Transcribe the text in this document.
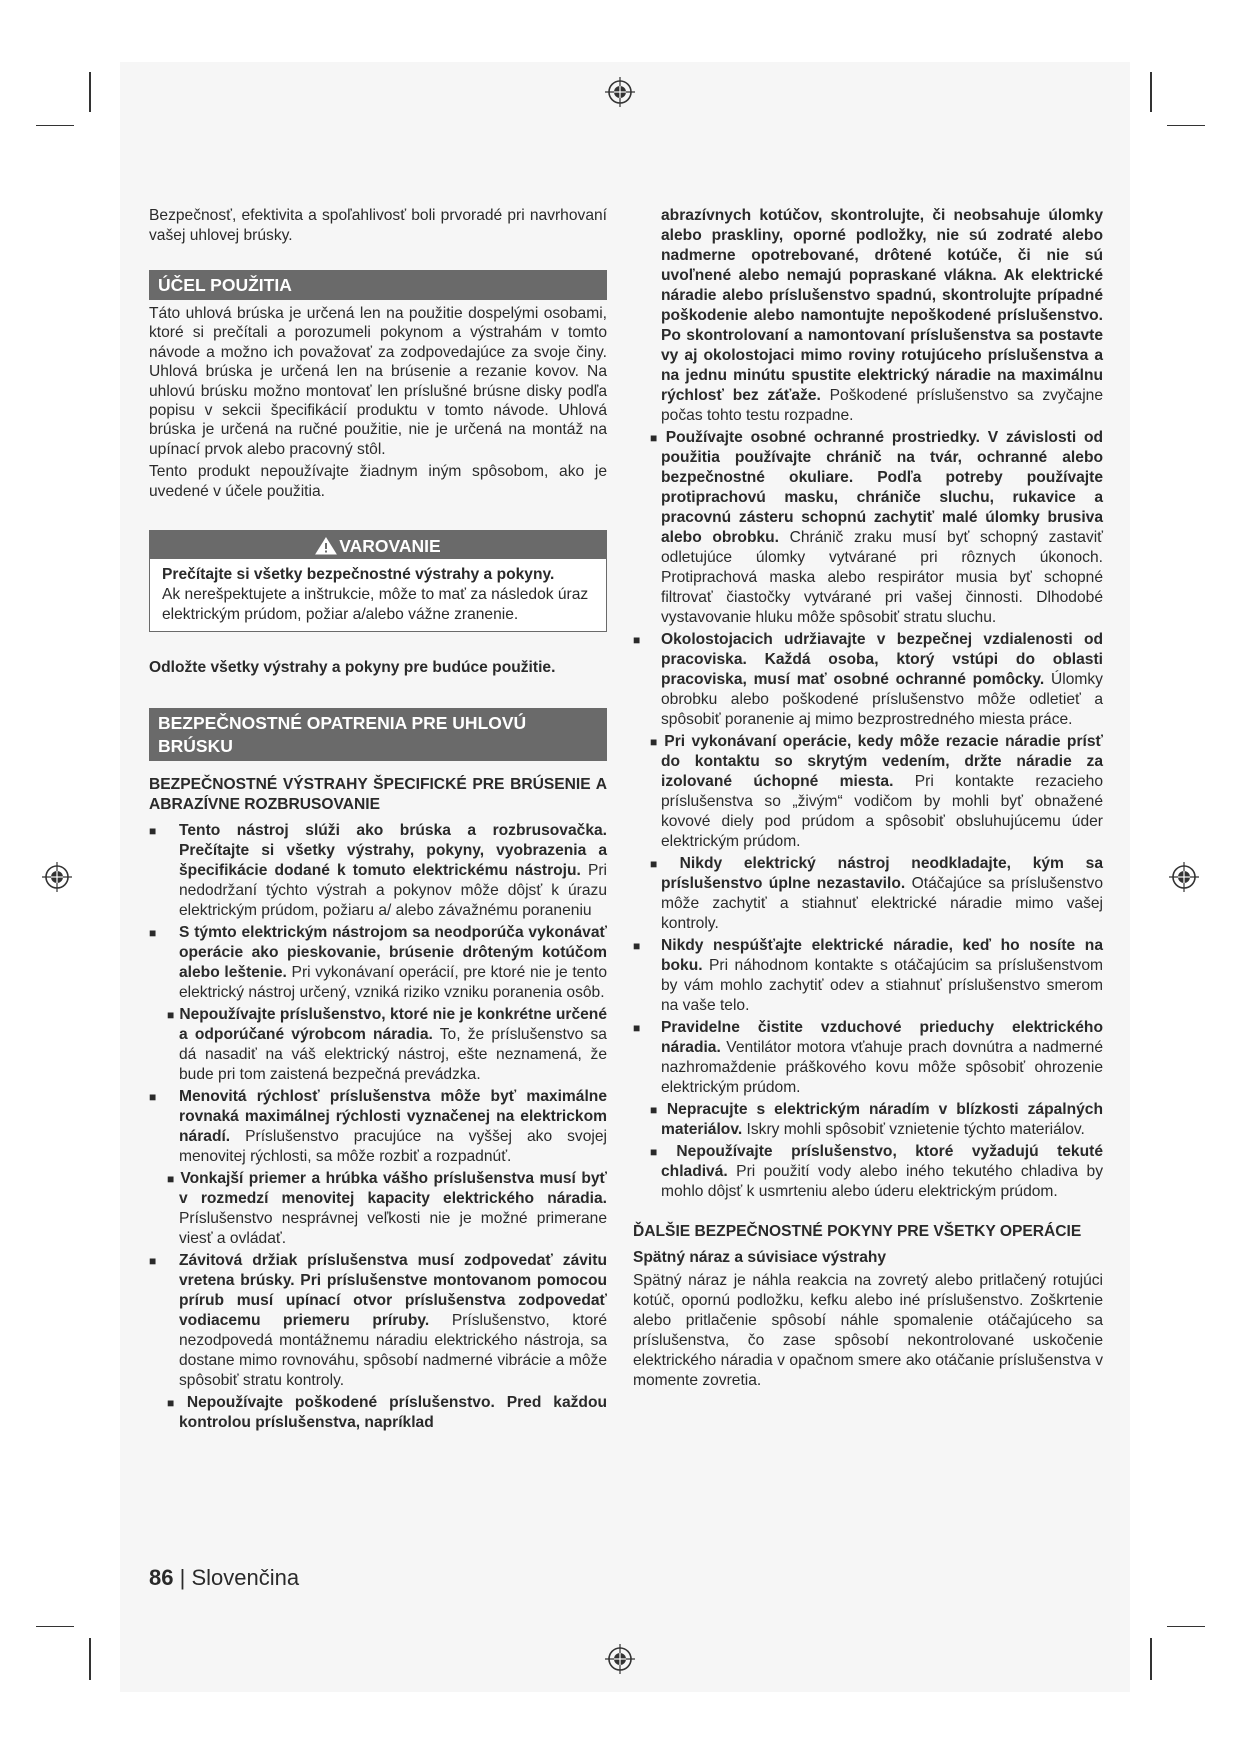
Bezpečnosť, efektivita a spoľahlivosť boli prvoradé pri navrhovaní vašej uhlovej brúsky.

ÚČEL POUŽITIA

Táto uhlová brúska je určená len na použitie dospelými osobami, ktoré si prečítali a porozumeli pokynom a výstrahám v tomto návode a možno ich považovať za zodpovedajúce za svoje činy. Uhlová brúska je určená len na brúsenie a rezanie kovov. Na uhlovú brúsku možno montovať len príslušné brúsne disky podľa popisu v sekcii špecifikácií produktu v tomto návode. Uhlová brúska je určená na ručné použitie, nie je určená na montáž na upínací prvok alebo pracovný stôl.

Tento produkt nepoužívajte žiadnym iným spôsobom, ako je uvedené v účele použitia.

VAROVANIE
Prečítajte si všetky bezpečnostné výstrahy a pokyny.
Ak nerešpektujete a inštrukcie, môže to mať za následok úraz elektrickým prúdom, požiar a/alebo vážne zranenie.

Odložte všetky výstrahy a pokyny pre budúce použitie.

BEZPEČNOSTNÉ OPATRENIA PRE UHLOVÚ BRÚSKU

BEZPEČNOSTNÉ VÝSTRAHY ŠPECIFICKÉ PRE BRÚSENIE A ABRAZÍVNE ROZBRUSOVANIE

■ Tento nástroj slúži ako brúska a rozbrusovačka. Prečítajte si všetky výstrahy, pokyny, vyobrazenia a špecifikácie dodané k tomuto elektrickému nástroju. Pri nedodržaní týchto výstrah a pokynov môže dôjsť k úrazu elektrickým prúdom, požiaru a/ alebo závažnému poraneniu
■ S týmto elektrickým nástrojom sa neodporúča vykonávať operácie ako pieskovanie, brúsenie drôteným kotúčom alebo leštenie. Pri vykonávaní operácií, pre ktoré nie je tento elektrický nástroj určený, vzniká riziko vzniku poranenia osôb.
■ Nepoužívajte príslušenstvo, ktoré nie je konkrétne určené a odporúčané výrobcom náradia. To, že príslušenstvo sa dá nasadiť na váš elektrický nástroj, ešte neznamená, že bude pri tom zaistená bezpečná prevádzka.
■ Menovitá rýchlosť príslušenstva môže byť maximálne rovnaká maximálnej rýchlosti vyznačenej na elektrickom náradí. Príslušenstvo pracujúce na vyššej ako svojej menovitej rýchlosti, sa môže rozbiť a rozpadnúť.
■ Vonkajší priemer a hrúbka vášho príslušenstva musí byť v rozmedzí menovitej kapacity elektrického náradia. Príslušenstvo nesprávnej veľkosti nie je možné primerane viesť a ovládať.
■ Závitová držiak príslušenstva musí zodpovedať závitu vretena brúsky. Pri príslušenstve montovanom pomocou prírub musí upínací otvor príslušenstva zodpovedať vodiacemu priemeru príruby. Príslušenstvo, ktoré nezodpovedá montážnemu náradiu elektrického nástroja, sa dostane mimo rovnováhu, spôsobí nadmerné vibrácie a môže spôsobiť stratu kontroly.
■ Nepoužívajte poškodené príslušenstvo. Pred každou kontrolou príslušenstva, napríklad
abrazívnych kotúčov, skontrolujte, či neobsahuje úlomky alebo praskliny, oporné podložky, nie sú zodraté alebo nadmerne opotrebované, drôtené kotúče, či nie sú uvoľnené alebo nemajú popraskané vlákna. Ak elektrické náradie alebo príslušenstvo spadnú, skontrolujte prípadné poškodenie alebo namontujte nepoškodené príslušenstvo. Po skontrolovaní a namontovaní príslušenstva sa postavte vy aj okolostojaci mimo roviny rotujúceho príslušenstva a na jednu minútu spustite elektrický náradie na maximálnu rýchlosť bez záťaže. Poškodené príslušenstvo sa zvyčajne počas tohto testu rozpadne.
■ Používajte osobné ochranné prostriedky. V závislosti od použitia používajte chránič na tvár, ochranné alebo bezpečnostné okuliare. Podľa potreby používajte protiprachovú masku, chrániče sluchu, rukavice a pracovnú zásteru schopnú zachytiť malé úlomky brusiva alebo obrobku. Chránič zraku musí byť schopný zastaviť odletujúce úlomky vytvárané pri rôznych úkonoch. Protiprachová maska alebo respirátor musia byť schopné filtrovať čiastočky vytvárané pri vašej činnosti. Dlhodobé vystavovanie hluku môže spôsobiť stratu sluchu.
■ Okolostojacich udržiavajte v bezpečnej vzdialenosti od pracoviska. Každá osoba, ktorý vstúpi do oblasti pracoviska, musí mať osobné ochranné pomôcky. Úlomky obrobku alebo poškodené príslušenstvo môže odletieť a spôsobiť poranenie aj mimo bezprostredného miesta práce.
■ Pri vykonávaní operácie, kedy môže rezacie náradie prísť do kontaktu so skrytým vedením, držte náradie za izolované úchopné miesta. Pri kontakte rezacieho príslušenstva so „živým“ vodičom by mohli byť obnažené kovové diely pod prúdom a spôsobiť obsluhujúcemu úder elektrickým prúdom.
■ Nikdy elektrický nástroj neodkladajte, kým sa príslušenstvo úplne nezastavilo. Otáčajúce sa príslušenstvo môže zachytiť a stiahnuť elektrické náradie mimo vašej kontroly.
■ Nikdy nespúšťajte elektrické náradie, keď ho nosíte na boku. Pri náhodnom kontakte s otáčajúcim sa príslušenstvom by vám mohlo zachytiť odev a stiahnuť príslušenstvo smerom na vaše telo.
■ Pravidelne čistite vzduchové prieduchy elektrického náradia. Ventilátor motora vťahuje prach dovnútra a nadmerné nazhromaždenie práškového kovu môže spôsobiť ohrozenie elektrickým prúdom.
■ Nepracujte s elektrickým náradím v blízkosti zápalných materiálov. Iskry mohli spôsobiť vznietenie týchto materiálov.
■ Nepoužívajte príslušenstvo, ktoré vyžadujú tekuté chladivá. Pri použití vody alebo iného tekutého chladiva by mohlo dôjsť k usmrteniu alebo úderu elektrickým prúdom.

ĎALŠIE BEZPEČNOSTNÉ POKYNY PRE VŠETKY OPERÁCIE

Spätný náraz a súvisiace výstrahy

Spätný náraz je náhla reakcia na zovretý alebo pritlačený rotujúci kotúč, opornú podložku, kefku alebo iné príslušenstvo. Zoškrtenie alebo pritlačenie spôsobí náhle spomalenie otáčajúceho sa príslušenstva, čo zase spôsobí nekontrolované uskočenie elektrického náradia v opačnom smere ako otáčanie príslušenstva v momente zovretia.

86 | Slovenčina
